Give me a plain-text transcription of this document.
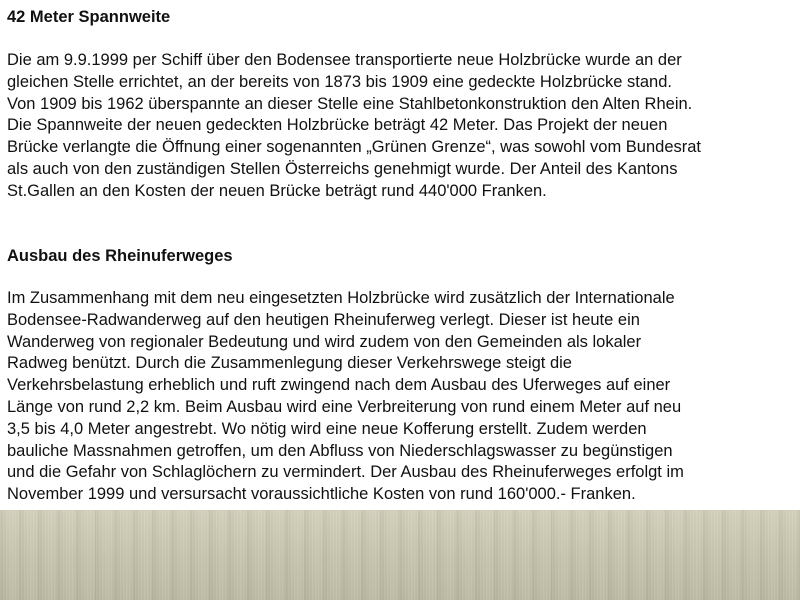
42 Meter Spannweite
Die am 9.9.1999 per Schiff über den Bodensee transportierte neue Holzbrücke wurde an der
gleichen Stelle errichtet, an der bereits von 1873 bis 1909 eine gedeckte Holzbrücke stand.
Von 1909 bis 1962 überspannte an dieser Stelle eine Stahlbetonkonstruktion den Alten Rhein.
Die Spannweite der neuen gedeckten Holzbrücke beträgt 42 Meter. Das Projekt der neuen
Brücke verlangte die Öffnung einer sogenannten „Grünen Grenze“, was sowohl vom Bundesrat
als auch von den zuständigen Stellen Österreichs genehmigt wurde. Der Anteil des Kantons
St.Gallen an den Kosten der neuen Brücke beträgt rund 440'000 Franken.
Ausbau des Rheinuferweges
Im Zusammenhang mit dem neu eingesetzten Holzbrücke wird zusätzlich der Internationale
Bodensee-Radwanderweg auf den heutigen Rheinuferweg verlegt. Dieser ist heute ein
Wanderweg von regionaler Bedeutung und wird zudem von den Gemeinden als lokaler
Radweg benützt. Durch die Zusammenlegung dieser Verkehrswege steigt die
Verkehrsbelastung erheblich und ruft zwingend nach dem Ausbau des Uferweges auf einer
Länge von rund 2,2 km. Beim Ausbau wird eine Verbreiterung von rund einem Meter auf neu
3,5 bis 4,0 Meter angestrebt. Wo nötig wird eine neue Kofferung erstellt. Zudem werden
bauliche Massnahmen getroffen, um den Abfluss von Niederschlagswasser zu begünstigen
und die Gefahr von Schlaglöchern zu vermindert. Der Ausbau des Rheinuferweges erfolgt im
November 1999 und versursacht voraussichtliche Kosten von rund 160'000.- Franken.
